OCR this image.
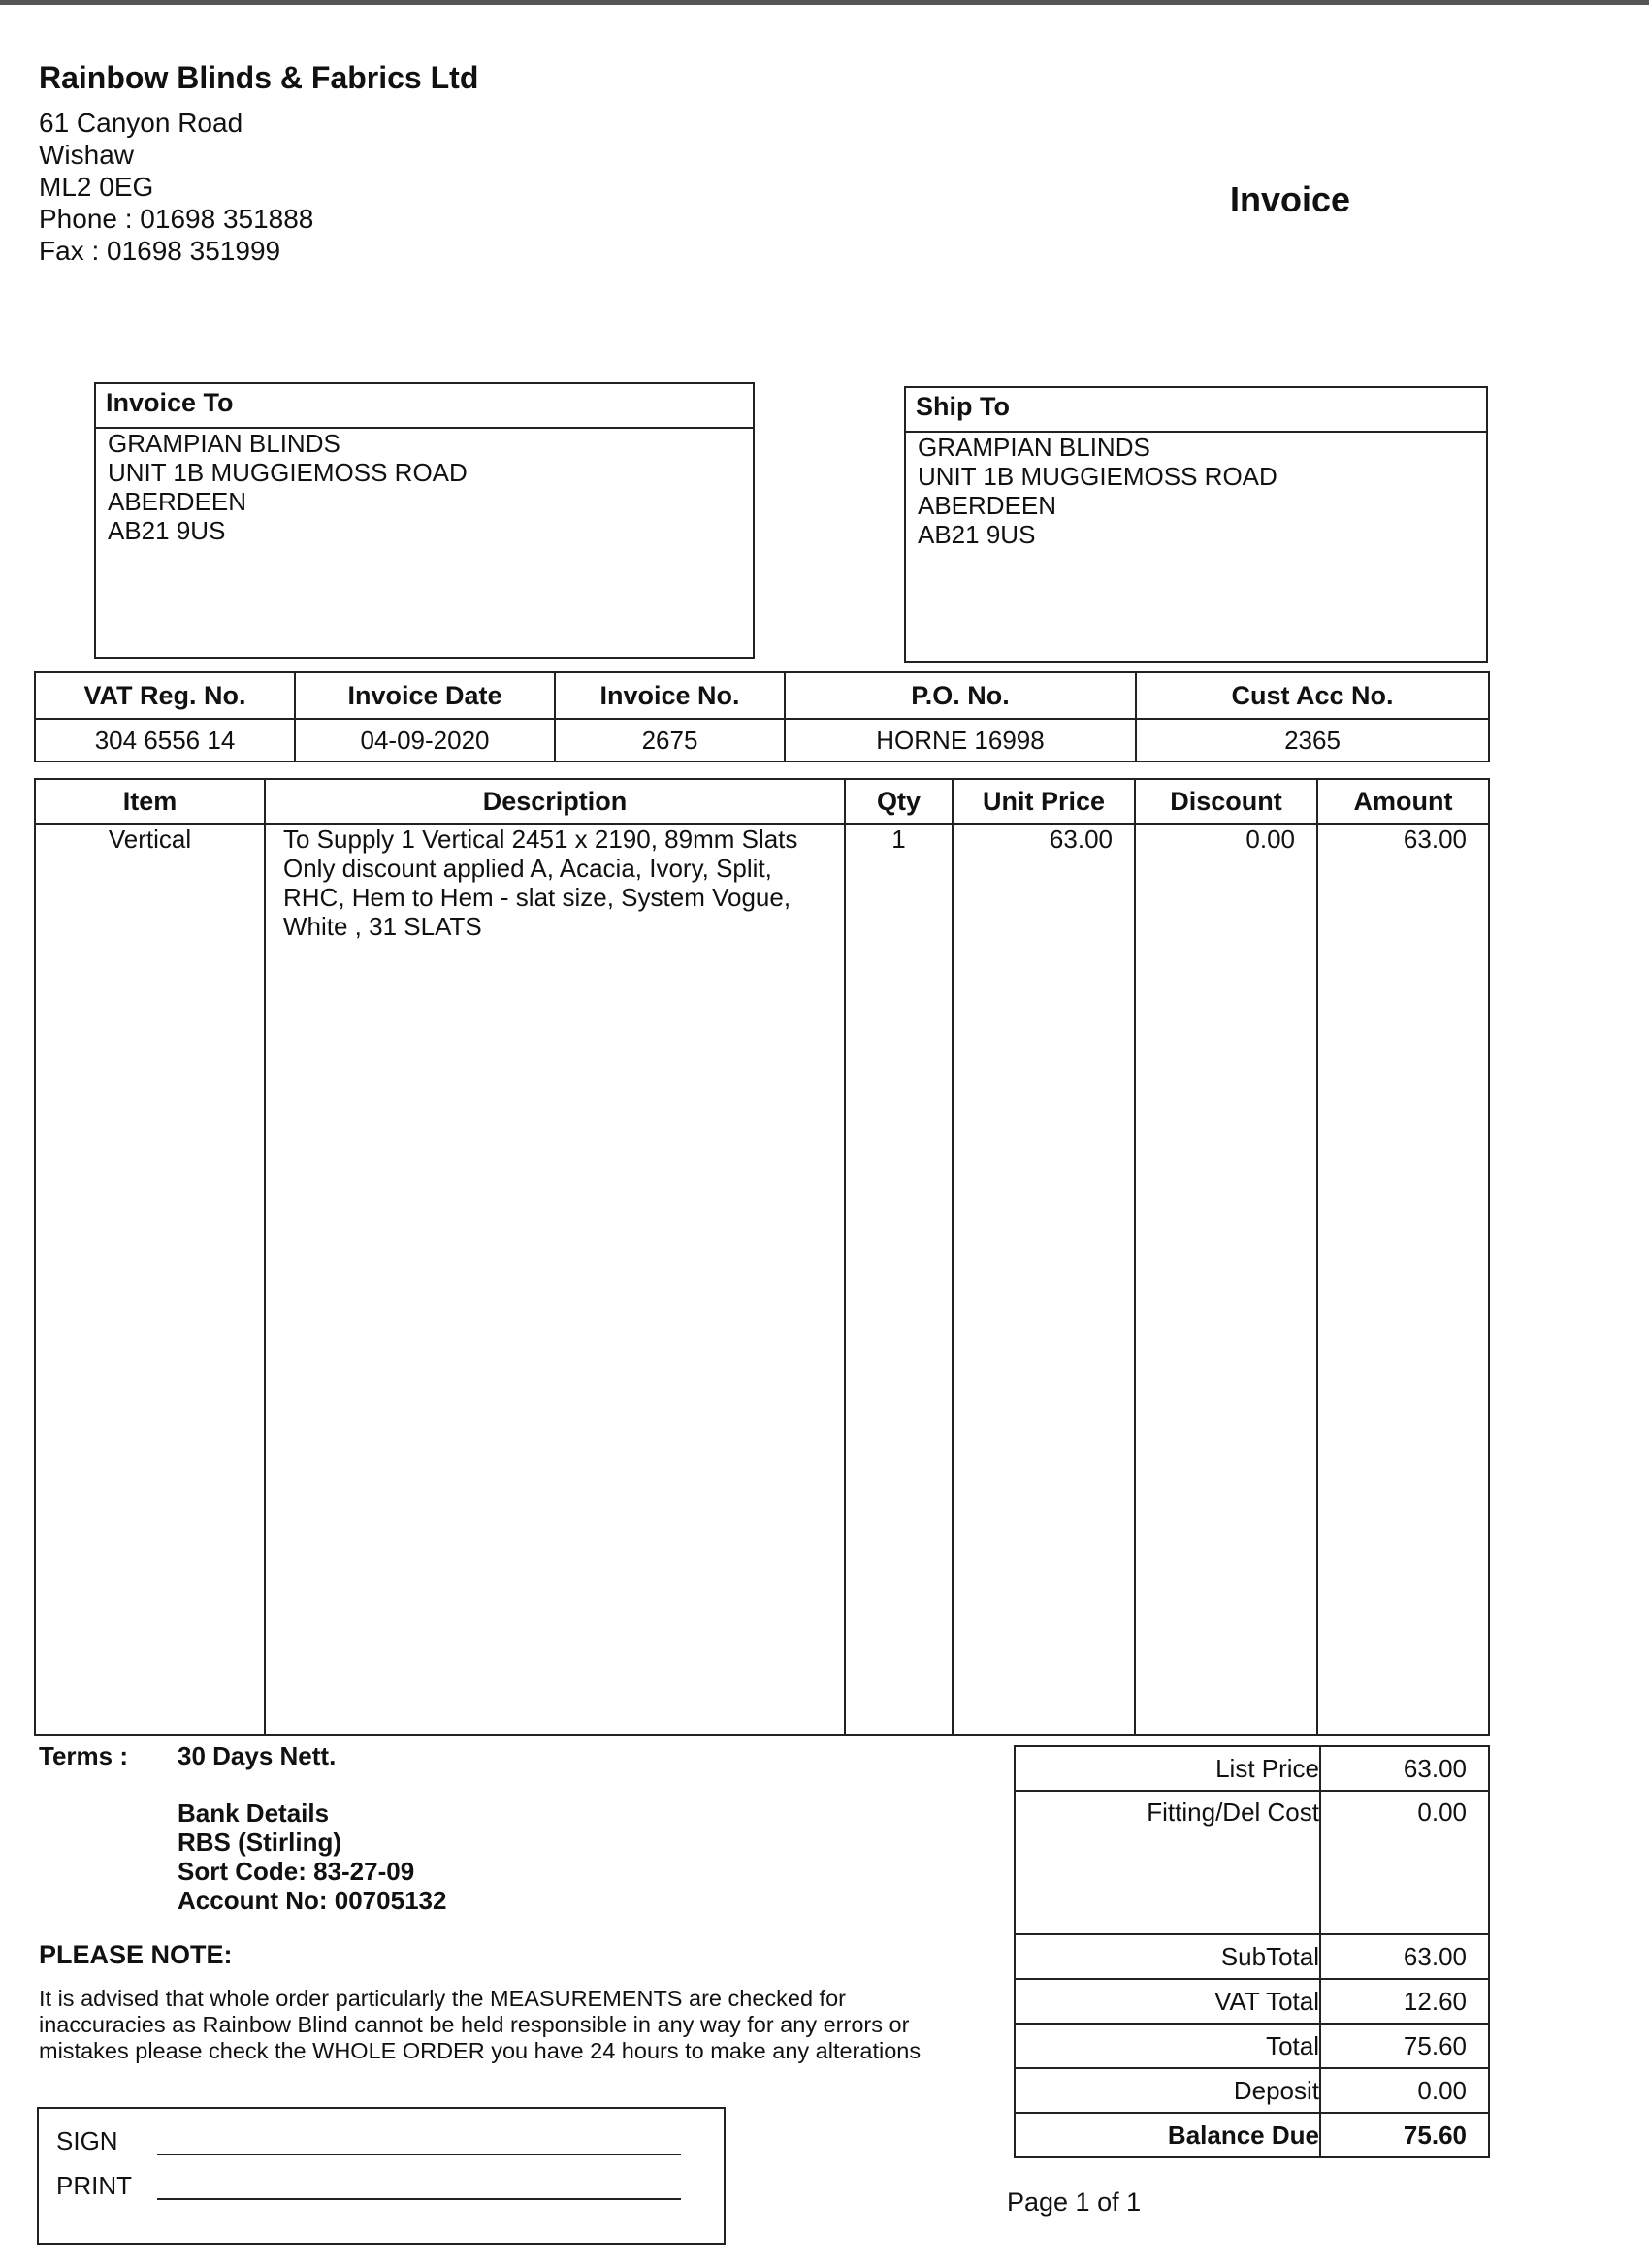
Rainbow Blinds & Fabrics Ltd
61 Canyon Road
Wishaw
ML2 0EG
Phone : 01698 351888
Fax : 01698 351999
Invoice
Invoice To
GRAMPIAN BLINDS
UNIT 1B MUGGIEMOSS ROAD
ABERDEEN
AB21 9US
Ship To
GRAMPIAN BLINDS
UNIT 1B MUGGIEMOSS ROAD
ABERDEEN
AB21 9US
VAT Reg. No.	Invoice Date	Invoice No.	P.O. No.	Cust Acc No.
304 6556 14	04-09-2020	2675	HORNE 16998	2365
Item	Description	Qty	Unit Price	Discount	Amount
Vertical	To Supply 1 Vertical 2451 x 2190, 89mm Slats
Only discount applied A, Acacia, Ivory, Split,
RHC, Hem to Hem - slat size, System Vogue,
White , 31 SLATS	1	63.00	0.00	63.00
Terms : 30 Days Nett.
Bank Details
RBS (Stirling)
Sort Code: 83-27-09
Account No: 00705132
PLEASE NOTE:
It is advised that whole order particularly the MEASUREMENTS are checked for
inaccuracies as Rainbow Blind cannot be held responsible in any way for any errors or
mistakes please check the WHOLE ORDER you have 24 hours to make any alterations
List Price	63.00
Fitting/Del Cost	0.00
SubTotal	63.00
VAT Total	12.60
Total	75.60
Deposit	0.00
Balance Due	75.60
SIGN
PRINT
Page 1 of 1
